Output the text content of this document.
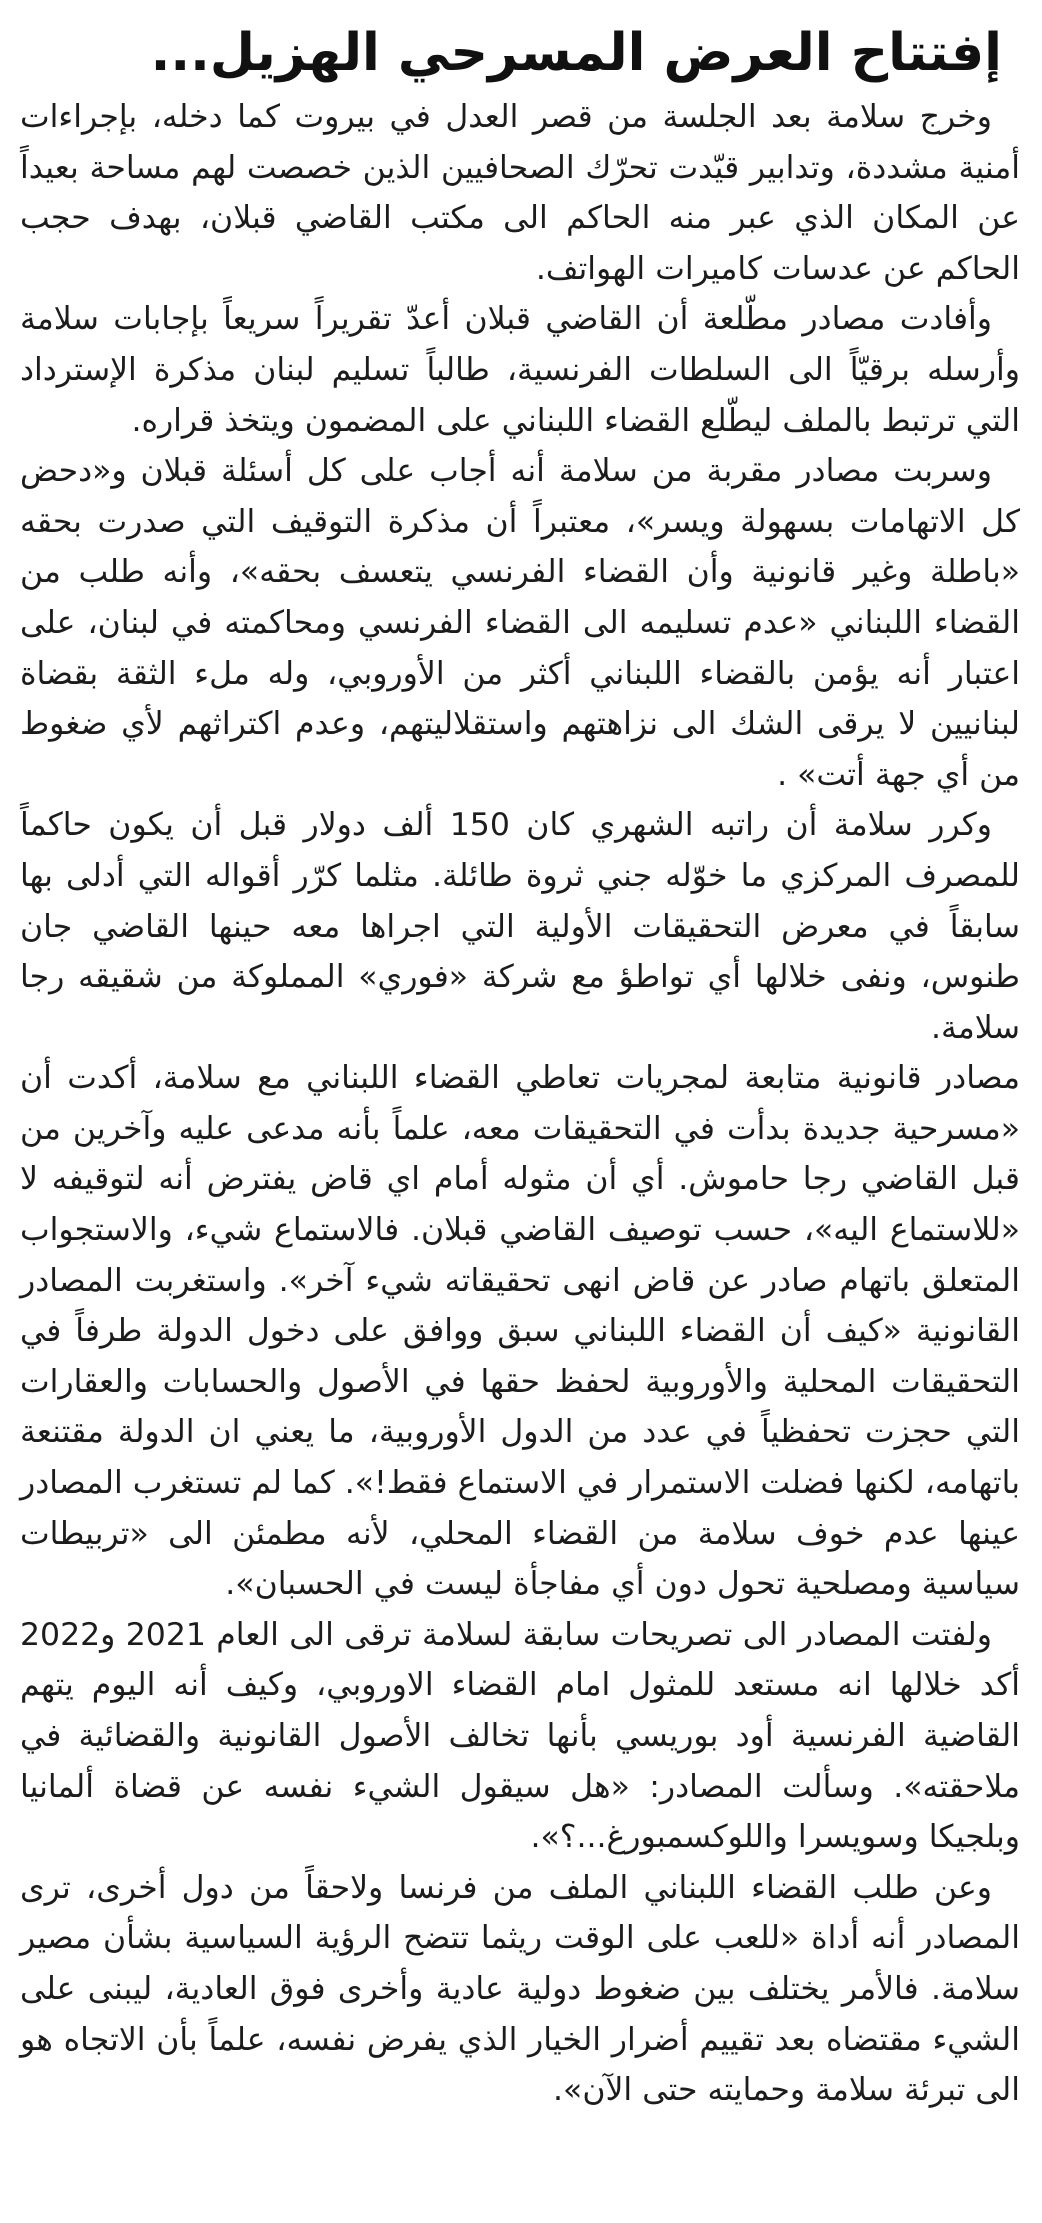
إفتتاح العرض المسرحي الهزيل...

وخرج سلامة بعد الجلسة من قصر العدل في بيروت كما دخله، بإجراءات أمنية مشددة، وتدابير قيّدت تحرّك الصحافيين الذين خصصت لهم مساحة بعيداً عن المكان الذي عبر منه الحاكم الى مكتب القاضي قبلان، بهدف حجب الحاكم عن عدسات كاميرات الهواتف.

وأفادت مصادر مطّلعة أن القاضي قبلان أعدّ تقريراً سريعاً بإجابات سلامة وأرسله برقيّاً الى السلطات الفرنسية، طالباً تسليم لبنان مذكرة الإسترداد التي ترتبط بالملف ليطّلع القضاء اللبناني على المضمون ويتخذ قراره.

وسربت مصادر مقربة من سلامة أنه أجاب على كل أسئلة قبلان و«دحض كل الاتهامات بسهولة ويسر»، معتبراً أن مذكرة التوقيف التي صدرت بحقه «باطلة وغير قانونية وأن القضاء الفرنسي يتعسف بحقه»، وأنه طلب من القضاء اللبناني «عدم تسليمه الى القضاء الفرنسي ومحاكمته في لبنان، على اعتبار أنه يؤمن بالقضاء اللبناني أكثر من الأوروبي، وله ملء الثقة بقضاة لبنانيين لا يرقى الشك الى نزاهتهم واستقلاليتهم، وعدم اكتراثهم لأي ضغوط من أي جهة أتت» .

وكرر سلامة أن راتبه الشهري كان 150 ألف دولار قبل أن يكون حاكماً للمصرف المركزي ما خوّله جني ثروة طائلة. مثلما كرّر أقواله التي أدلى بها سابقاً في معرض التحقيقات الأولية التي اجراها معه حينها القاضي جان طنوس، ونفى خلالها أي تواطؤ مع شركة «فوري» المملوكة من شقيقه رجا سلامة.

مصادر قانونية متابعة لمجريات تعاطي القضاء اللبناني مع سلامة، أكدت أن «مسرحية جديدة بدأت في التحقيقات معه، علماً بأنه مدعى عليه وآخرين من قبل القاضي رجا حاموش. أي أن مثوله أمام اي قاض يفترض أنه لتوقيفه لا «للاستماع اليه»، حسب توصيف القاضي قبلان. فالاستماع شيء، والاستجواب المتعلق باتهام صادر عن قاض انهى تحقيقاته شيء آخر». واستغربت المصادر القانونية «كيف أن القضاء اللبناني سبق ووافق على دخول الدولة طرفاً في التحقيقات المحلية والأوروبية لحفظ حقها في الأصول والحسابات والعقارات التي حجزت تحفظياً في عدد من الدول الأوروبية، ما يعني ان الدولة مقتنعة باتهامه، لكنها فضلت الاستمرار في الاستماع فقط!». كما لم تستغرب المصادر عينها عدم خوف سلامة من القضاء المحلي، لأنه مطمئن الى «تربيطات سياسية ومصلحية تحول دون أي مفاجأة ليست في الحسبان».

ولفتت المصادر الى تصريحات سابقة لسلامة ترقى الى العام 2021 و2022 أكد خلالها انه مستعد للمثول امام القضاء الاوروبي، وكيف أنه اليوم يتهم القاضية الفرنسية أود بوريسي بأنها تخالف الأصول القانونية والقضائية في ملاحقته». وسألت المصادر: «هل سيقول الشيء نفسه عن قضاة ألمانيا وبلجيكا وسويسرا واللوكسمبورغ...؟».

وعن طلب القضاء اللبناني الملف من فرنسا ولاحقاً من دول أخرى، ترى المصادر أنه أداة «للعب على الوقت ريثما تتضح الرؤية السياسية بشأن مصير سلامة. فالأمر يختلف بين ضغوط دولية عادية وأخرى فوق العادية، ليبنى على الشيء مقتضاه بعد تقييم أضرار الخيار الذي يفرض نفسه، علماً بأن الاتجاه هو الى تبرئة سلامة وحمايته حتى الآن».
